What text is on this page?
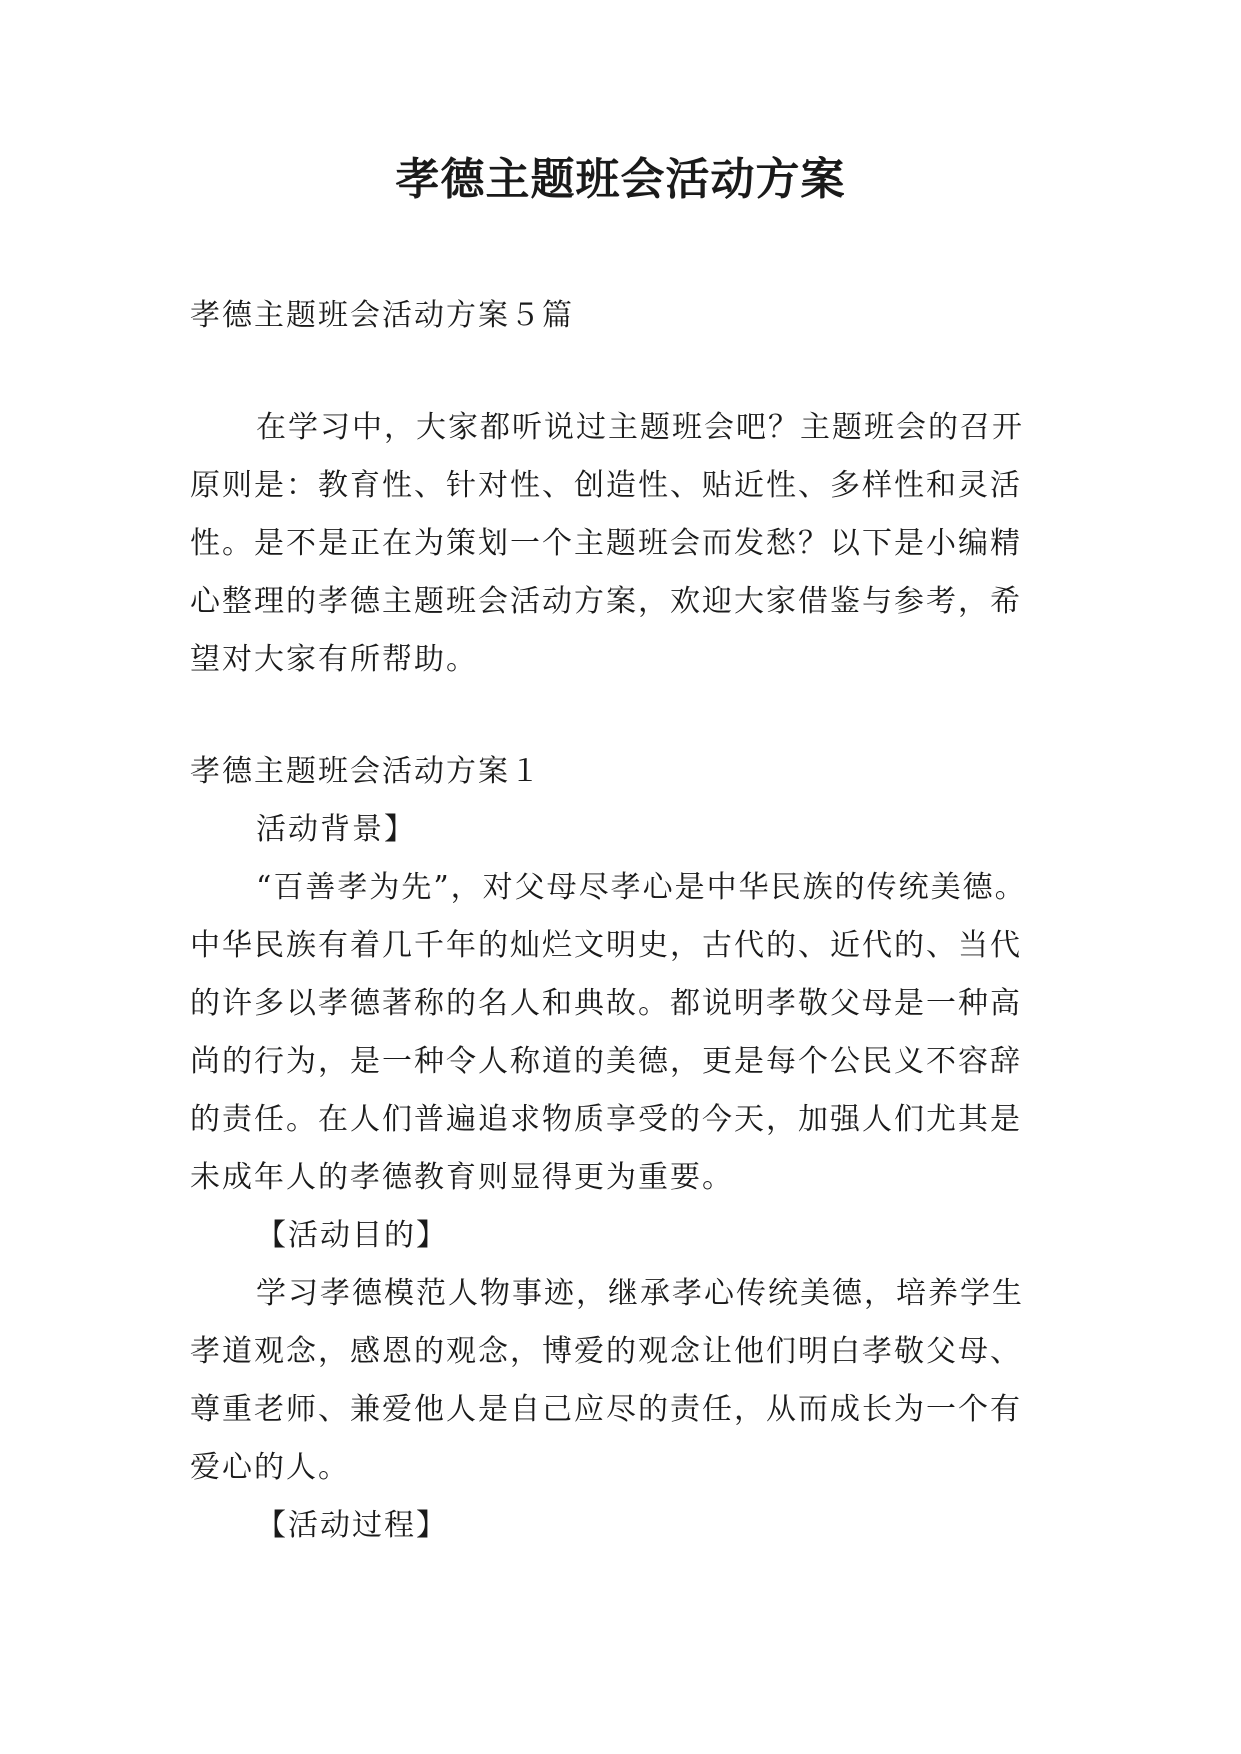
孝德主题班会活动方案

孝德主题班会活动方案５篇

在学习中，大家都听说过主题班会吧？主题班会的召开

原则是：教育性、针对性、创造性、贴近性、多样性和灵活

性。是不是正在为策划一个主题班会而发愁？以下是小编精

心整理的孝德主题班会活动方案，欢迎大家借鉴与参考，希

望对大家有所帮助。

孝德主题班会活动方案１

活动背景】

“百善孝为先”，对父母尽孝心是中华民族的传统美德。

中华民族有着几千年的灿烂文明史，古代的、近代的、当代

的许多以孝德著称的名人和典故。都说明孝敬父母是一种高

尚的行为，是一种令人称道的美德，更是每个公民义不容辞

的责任。在人们普遍追求物质享受的今天，加强人们尤其是

未成年人的孝德教育则显得更为重要。

【活动目的】

学习孝德模范人物事迹，继承孝心传统美德，培养学生

孝道观念，感恩的观念，博爱的观念让他们明白孝敬父母、

尊重老师、兼爱他人是自己应尽的责任，从而成长为一个有

爱心的人。

【活动过程】
